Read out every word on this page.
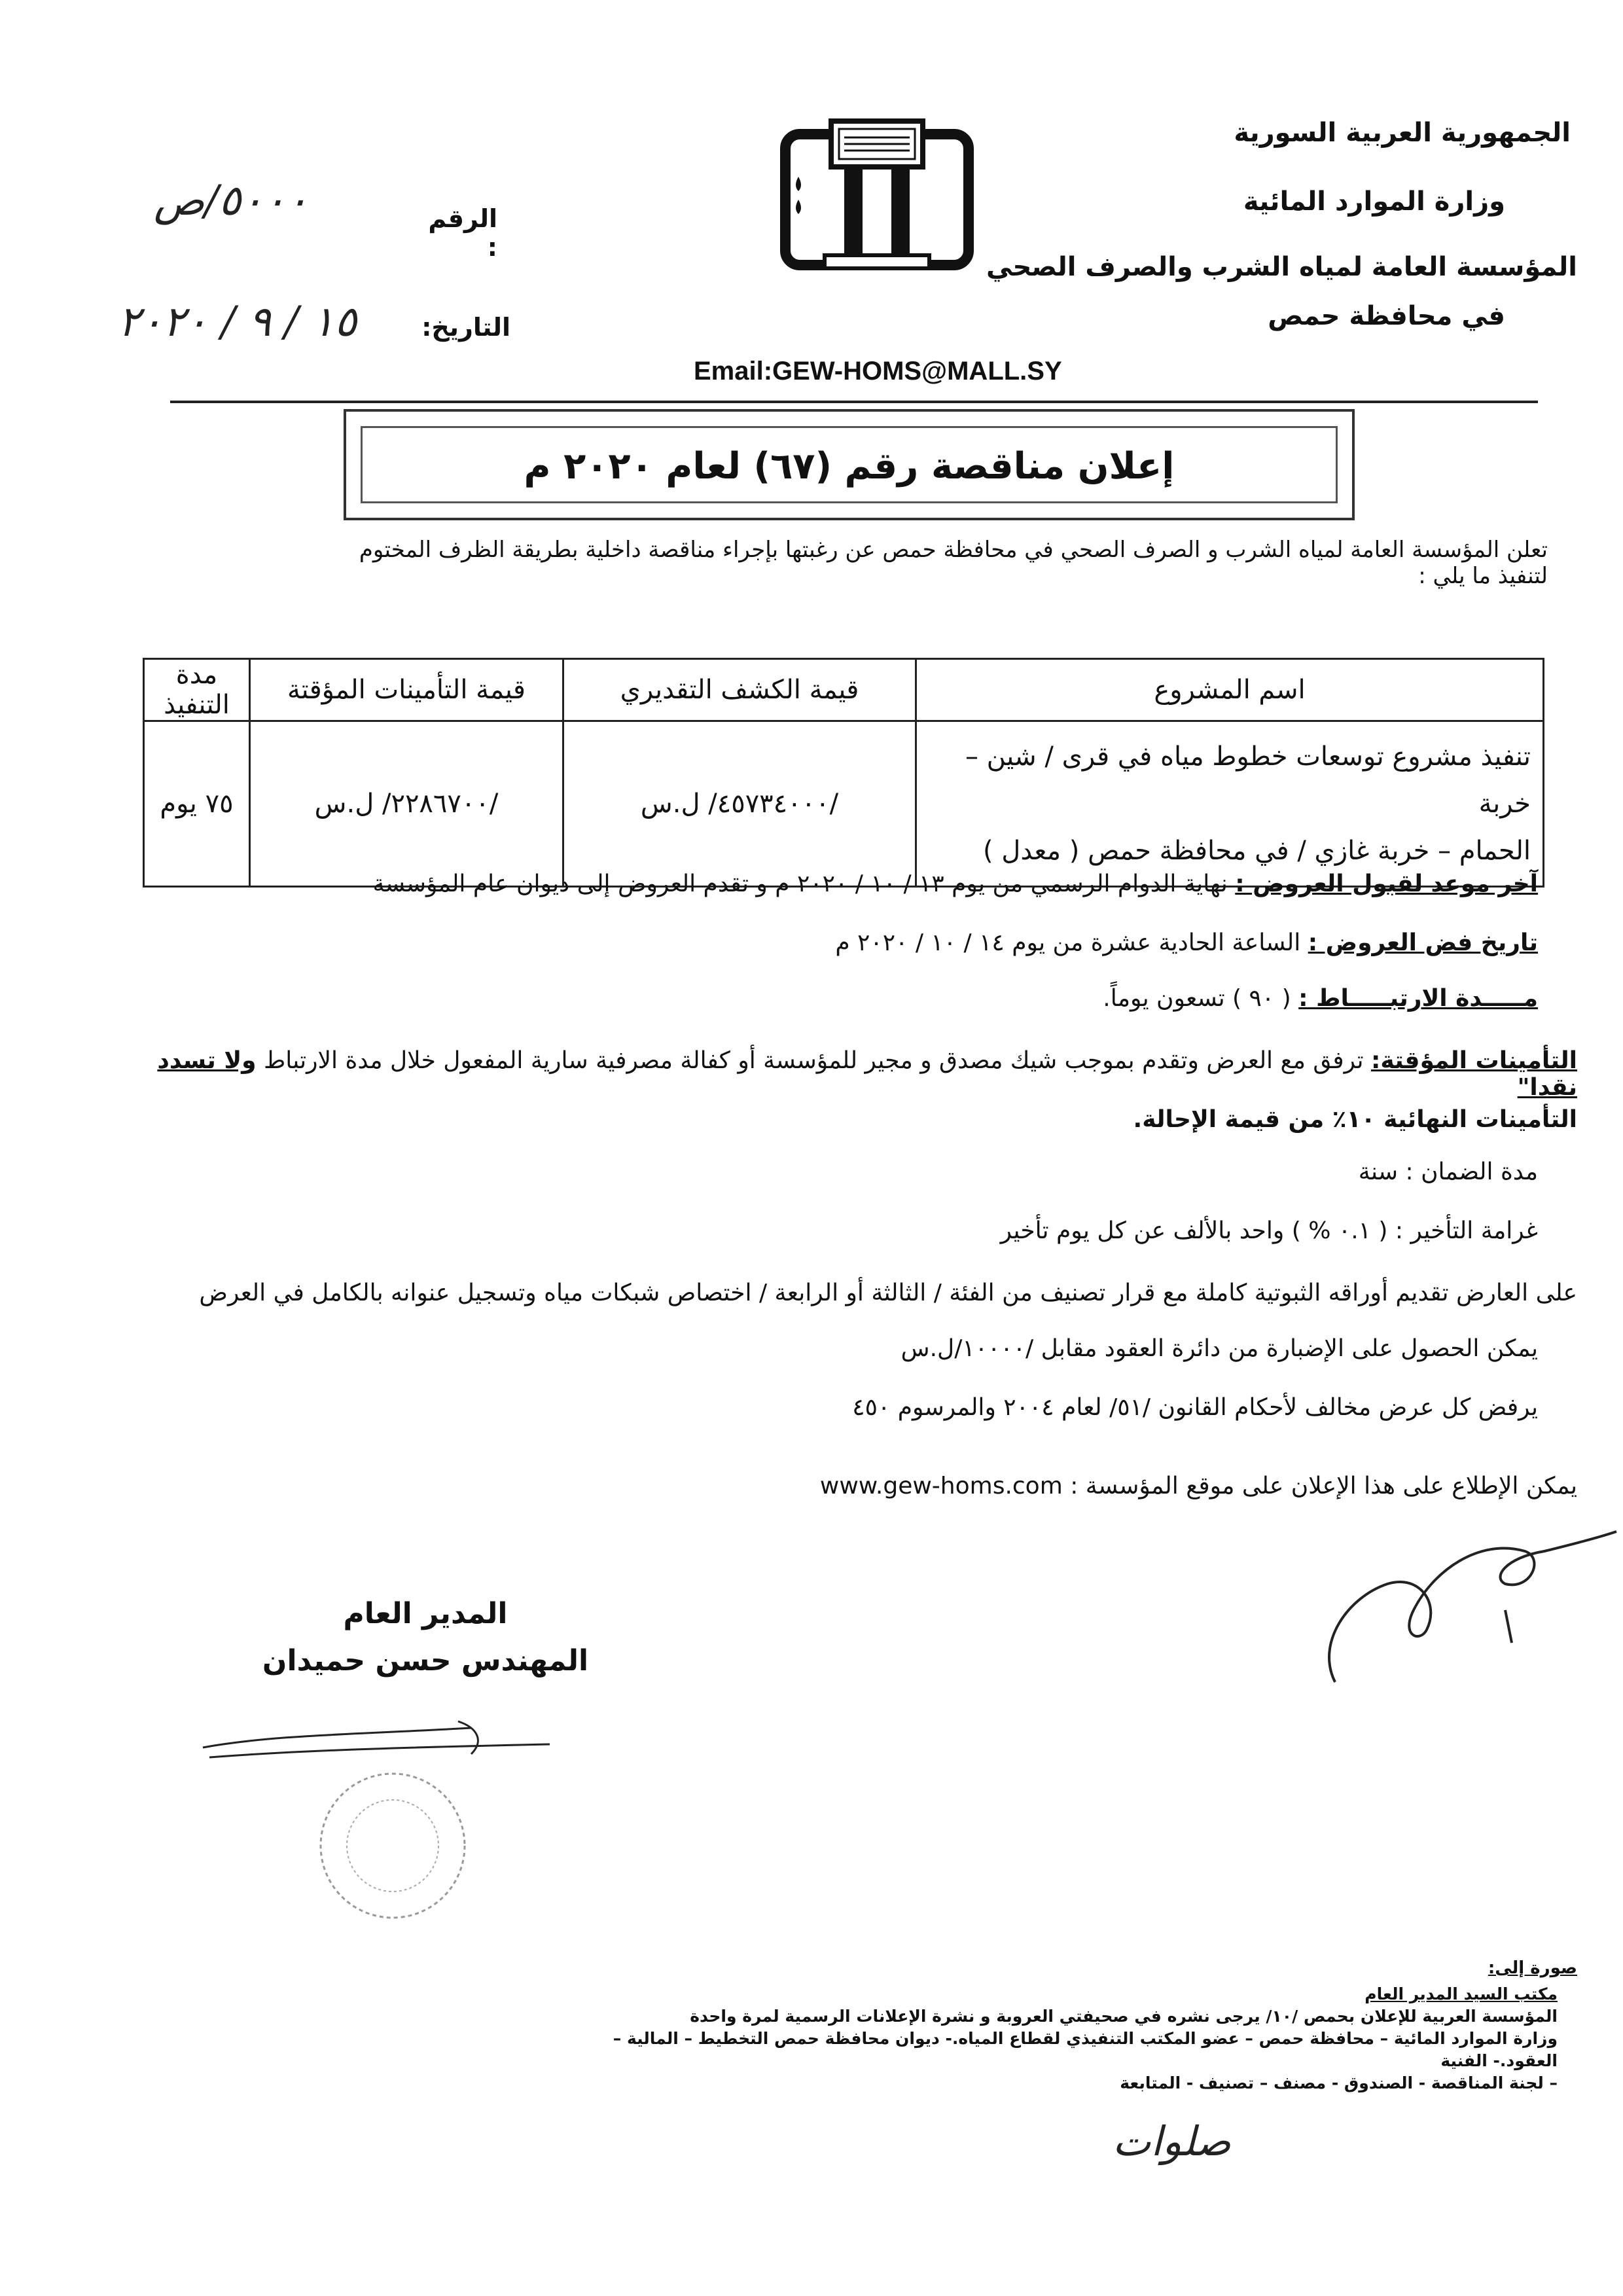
الجمهورية العربية السورية
وزارة الموارد المائية
المؤسسة العامة لمياه الشرب والصرف الصحي
في محافظة حمص
الرقم :
٥٠٠٠/ص
التاريخ:
١٥ / ٩ / ٢٠٢٠
Email:GEW-HOMS@MALL.SY
إعلان مناقصة رقم (٦٧) لعام ٢٠٢٠ م
تعلن المؤسسة العامة لمياه الشرب و الصرف الصحي في محافظة حمص عن رغبتها بإجراء مناقصة داخلية بطريقة الظرف المختوم لتنفيذ ما يلي :
اسم المشروع	قيمة الكشف التقديري	قيمة التأمينات المؤقتة	مدة التنفيذ

تنفيذ مشروع توسعات خطوط مياه في قرى / شين – خربة
الحمام – خربة غازي / في محافظة حمص ( معدل )	/٤٥٧٣٤٠٠٠/ ل.س	/٢٢٨٦٧٠٠/ ل.س	٧٥ يوم
آخر موعد لقبول العروض : نهاية الدوام الرسمي من يوم ١٣ / ١٠ / ٢٠٢٠ م و تقدم العروض إلى ديوان عام المؤسسة
تاريخ فض العروض : الساعة الحادية عشرة من يوم ١٤ / ١٠ / ٢٠٢٠ م
مـــــدة الارتبـــــاط : ( ٩٠ ) تسعون يوماً.
التأمينات المؤقتة: ترفق مع العرض وتقدم بموجب شيك مصدق و مجير للمؤسسة أو كفالة مصرفية سارية المفعول خلال مدة الارتباط ولا تسدد نقدا"
التأمينات النهائية ١٠٪ من قيمة الإحالة.
مدة الضمان : سنة
غرامة التأخير : ( ٠.١ % ) واحد بالألف عن كل يوم تأخير
على العارض تقديم أوراقه الثبوتية كاملة مع قرار تصنيف من الفئة / الثالثة أو الرابعة / اختصاص شبكات مياه وتسجيل عنوانه بالكامل في العرض
يمكن الحصول على الإضبارة من دائرة العقود مقابل /١٠٠٠٠/ل.س
يرفض كل عرض مخالف لأحكام القانون /٥١/ لعام ٢٠٠٤ والمرسوم ٤٥٠
يمكن الإطلاع على هذا الإعلان على موقع المؤسسة : www.gew-homs.com
المدير العام
المهندس حسن حميدان
صورة إلى:
مكتب السيد المدير العام
المؤسسة العربية للإعلان بحمص /١٠/ يرجى نشره في صحيفتي العروبة و نشرة الإعلانات الرسمية لمرة واحدة
وزارة الموارد المائية – محافظة حمص – عضو المكتب التنفيذي لقطاع المياه.- ديوان محافظة حمص التخطيط – المالية – العقود.- الفنية
– لجنة المناقصة - الصندوق - مصنف – تصنيف - المتابعة
صلوات
